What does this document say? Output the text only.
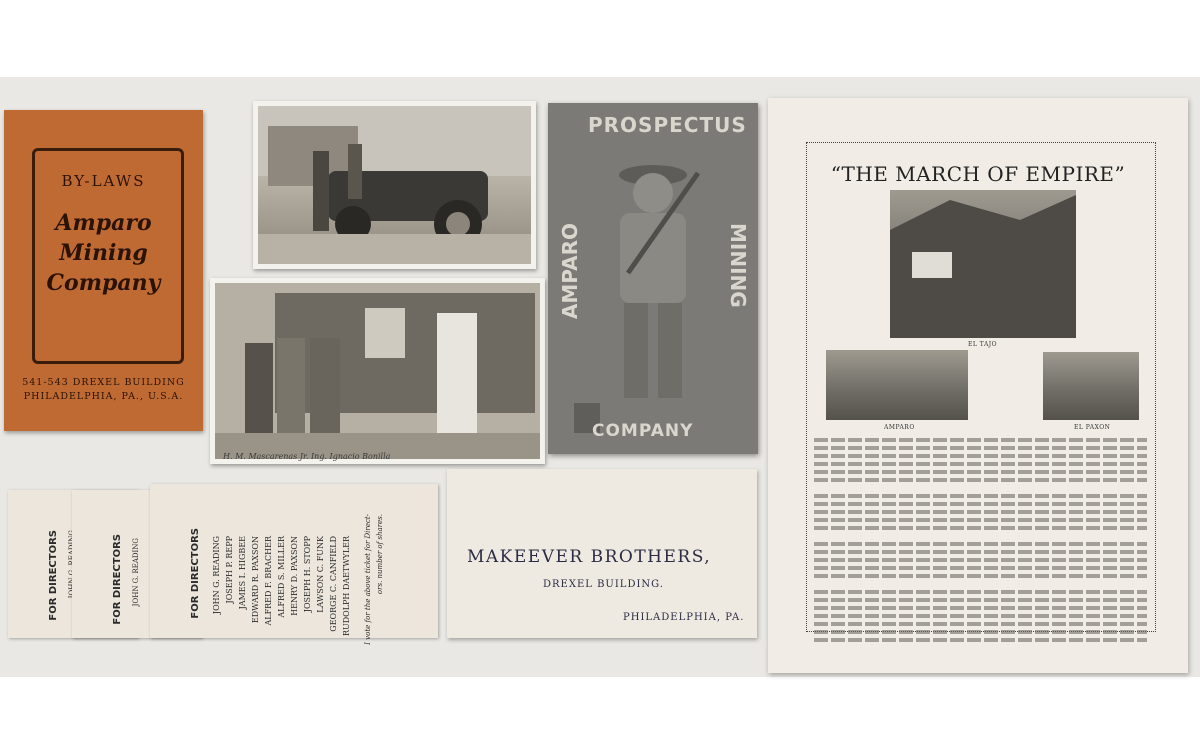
BY-LAWS
Amparo
Mining
Company
541-543 DREXEL BUILDING
PHILADELPHIA, PA., U.S.A.
H. M. Mascarenas Jr. Ing. Ignacio Bonilla
PROSPECTUS
AMPARO	MINING
COMPANY
FOR DIRECTORS	FOR DIRECTORS JOHN G. READING	FOR DIRECTORS JOHN G. READING JOSEPH P. REPP JAMES I. HIGBEE EDWARD R. PAXSON ALFRED F. BRACHER ALFRED S. MILLER HENRY D. PAXSON JOSEPH H. STOPP LAWSON C. FUNK GEORGE C. CANFIELD RUDOLPH DAETWYLER I vote for the above ticket for Direct- ors. number of shares.	MAKEEVER BROTHERS,
DREXEL BUILDING.
PHILADELPHIA, PA.
“THE MARCH OF EMPIRE”
EL TAJO
AMPARO	EL PAXON
